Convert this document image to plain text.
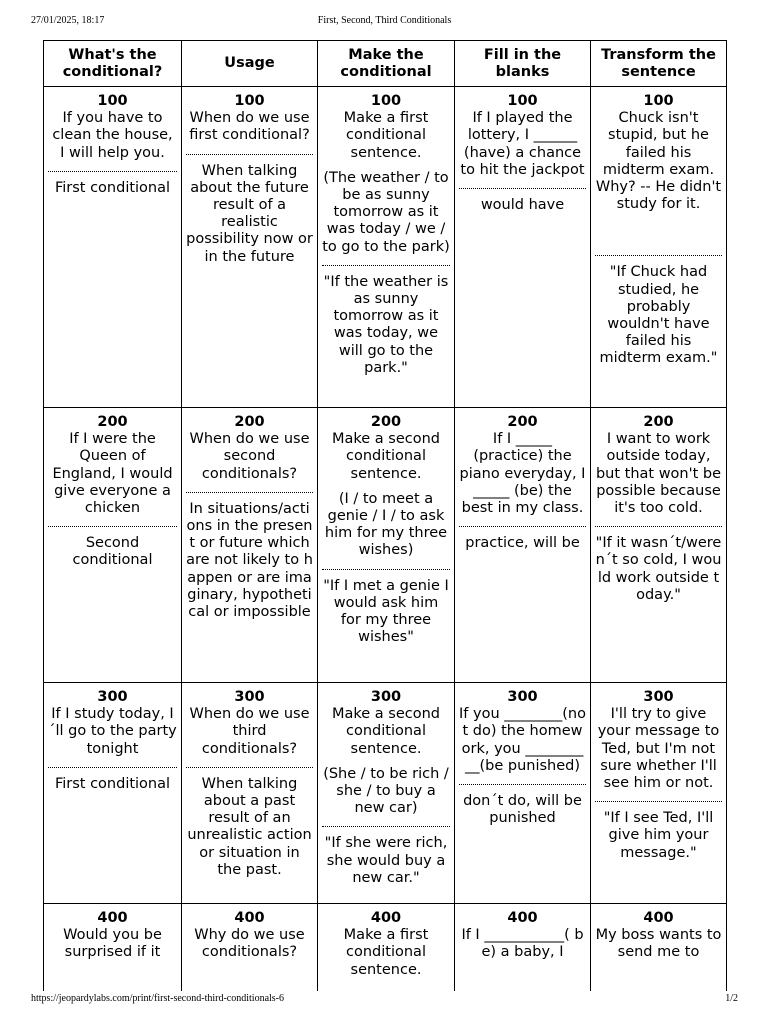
27/01/2025, 18:17	First, Second, Third Conditionals
What's the conditional?
Usage
Make the conditional
Fill in the blanks
Transform the sentence
100
If you have to clean the house, I will help you.
First conditional
100
When do we use first conditional?
When talking about the future result of a realistic possibility now or in the future
100
Make a first conditional sentence.
(The weather / to be as sunny tomorrow as it was today / we / to go to the park)
"If the weather is as sunny tomorrow as it was today, we will go to the park."
100
If I played the lottery, I ______ (have) a chance to hit the jackpot
would have
100
Chuck isn't stupid, but he failed his midterm exam. Why? -- He didn't study for it.
"If Chuck had studied, he probably wouldn't have failed his midterm exam."
200
If I were the Queen of England, I would give everyone a chicken
Second conditional
200
When do we use second conditionals?
In situations/actions in the present or future which are not likely to happen or are imaginary, hypothetical or impossible
200
Make a second conditional sentence.
(I / to meet a genie / I / to ask him for my three wishes)
"If I met a genie I would ask him for my three wishes"
200
If I _____ (practice) the piano everyday, I _____ (be) the best in my class.
practice, will be
200
I want to work outside today, but that won't be possible because it's too cold.
"If it wasn´t/weren´t so cold, I would work outside today."
300
If I study today, I´ll go to the party tonight
First conditional
300
When do we use third conditionals?
When talking about a past result of an unrealistic action or situation in the past.
300
Make a second conditional sentence.
(She / to be rich / she / to buy a new car)
"If she were rich, she would buy a new car."
300
If you ________(not do) the homework, you __________(be punished)
don´t do, will be punished
300
I'll try to give your message to Ted, but I'm not sure whether I'll see him or not.
"If I see Ted, I'll give him your message."
400
Would you be surprised if it
400
Why do we use conditionals?
400
Make a first conditional sentence.
400
If I ___________( be) a baby, I
400
My boss wants to send me to
https://jeopardylabs.com/print/first-second-third-conditionals-6	1/2
